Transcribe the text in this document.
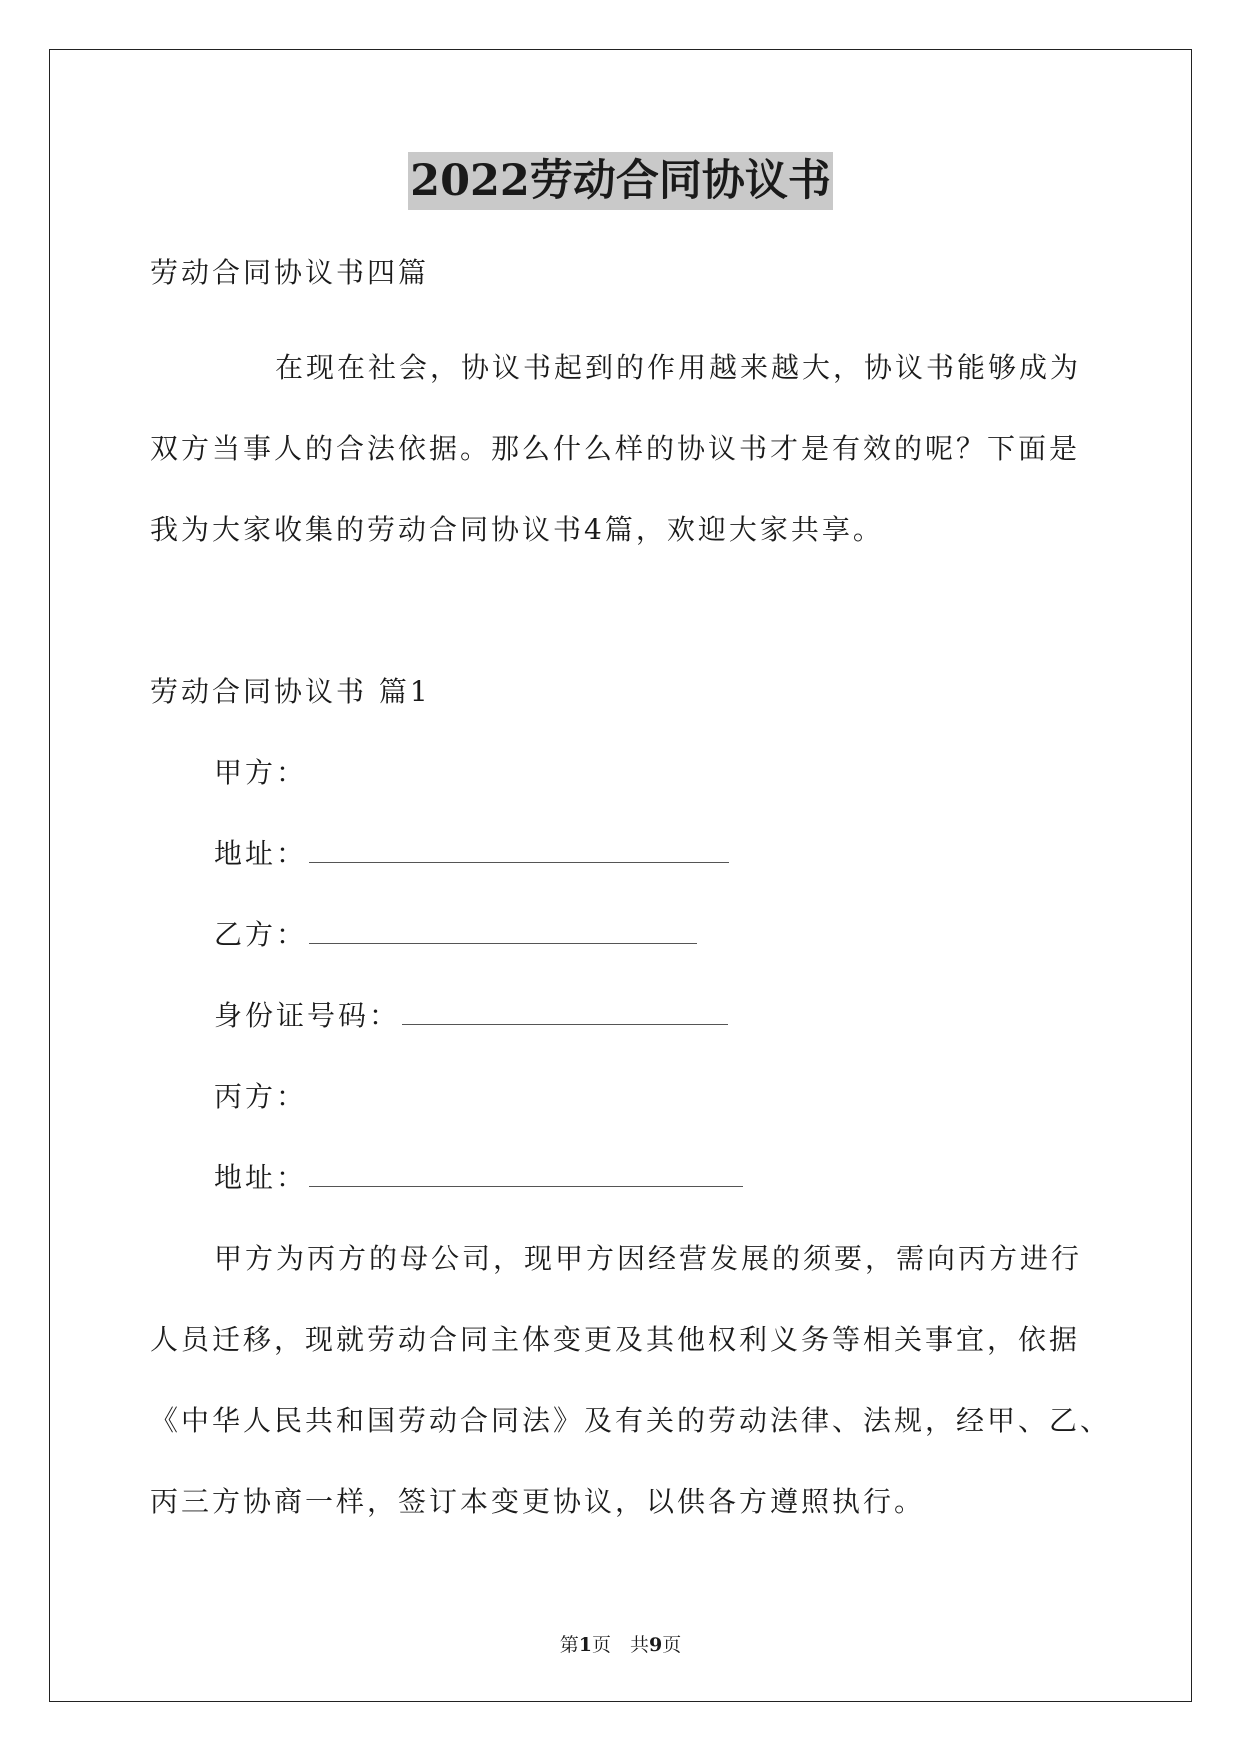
2022劳动合同协议书
劳动合同协议书四篇
在现在社会，协议书起到的作用越来越大，协议书能够成为
双方当事人的合法依据。那么什么样的协议书才是有效的呢？下面是
我为大家收集的劳动合同协议书4篇，欢迎大家共享。
劳动合同协议书 篇1
甲方：
地址：
乙方：
身份证号码：
丙方：
地址：
甲方为丙方的母公司，现甲方因经营发展的须要，需向丙方进行
人员迁移，现就劳动合同主体变更及其他权利义务等相关事宜，依据
《中华人民共和国劳动合同法》及有关的劳动法律、法规，经甲、乙、
丙三方协商一样，签订本变更协议，以供各方遵照执行。
第1页　共9页
